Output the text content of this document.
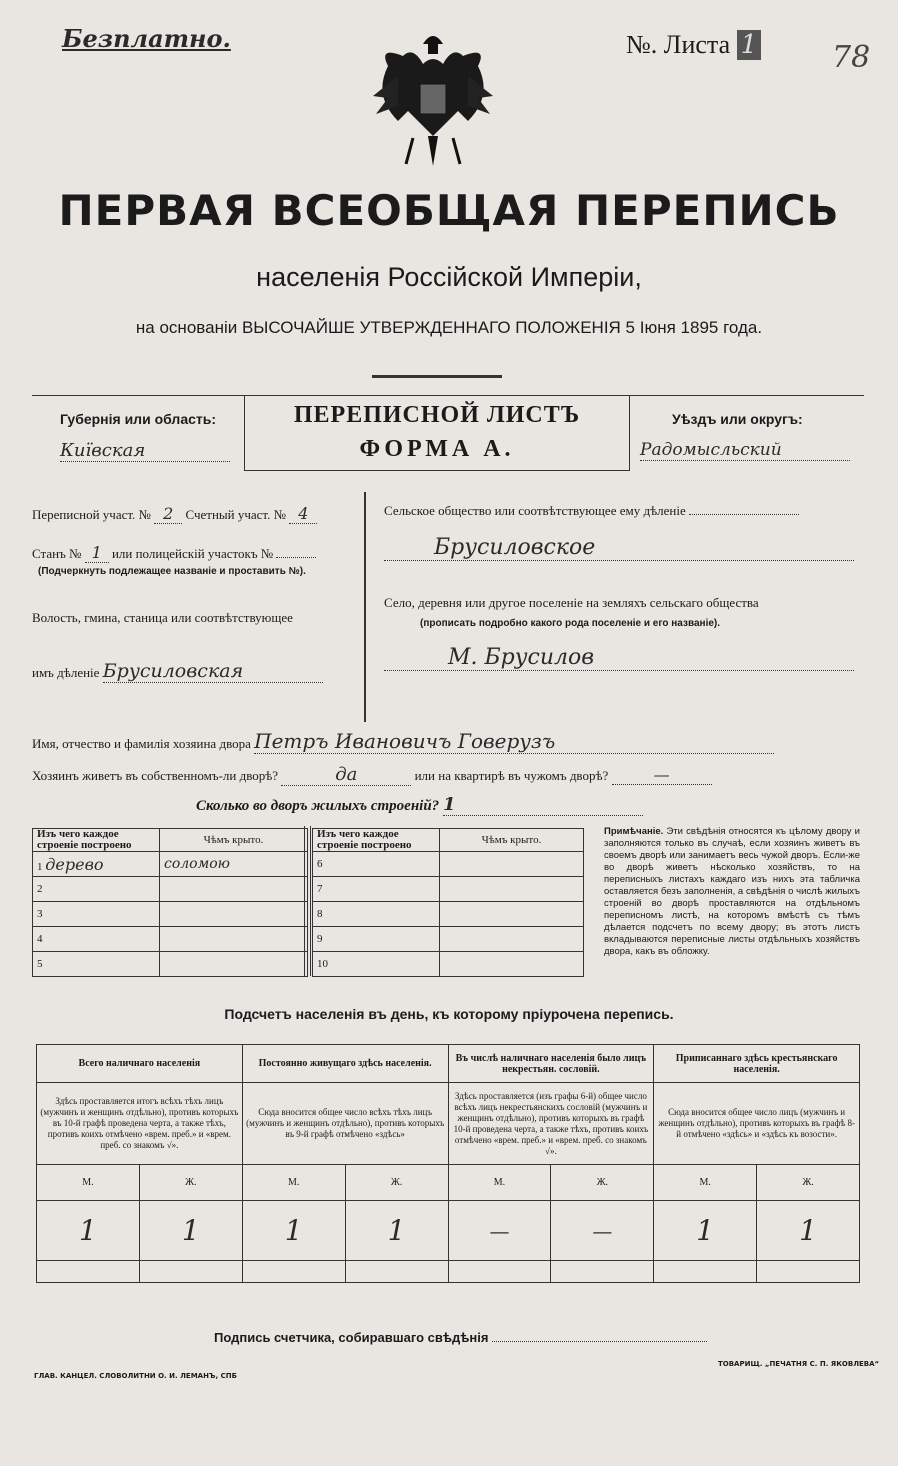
Безплатно.	№. Листа 1 78
ПЕРВАЯ ВСЕОБЩАЯ ПЕРЕПИСЬ
населенія Россійской Имперіи,
на основаніи ВЫСОЧАЙШЕ УТВЕРЖДЕННАГО ПОЛОЖЕНІЯ 5 Іюня 1895 года.
Губернія или область:
Київская
ПЕРЕПИСНОЙ ЛИСТЪ
ФОРМА А.
Уѣздъ или округъ:
Радомысльский
Переписной участ. № 2 Счетный участ. № 4
Станъ № 1 или полицейскій участокъ №
(Подчеркнуть подлежащее названіе и проставить №).
Волость, гмина, станица или соотвѣтствующее
имъ дѣленіе Брусиловская
Сельское общество или соотвѣтствующее ему дѣленіе
Брусиловское
Село, деревня или другое поселеніе на земляхъ сельскаго общества
(прописать подробно какого рода поселеніе и его названіе).
М. Брусилов
Имя, отчество и фамилія хозяина двора Петръ Ивановичъ Говерузъ
Хозяинъ живетъ въ собственномъ-ли дворѣ?	да	или на квартирѣ въ чужомъ дворѣ?	—
Сколько во дворъ жилыхъ строеній? 1
Изъ чего каждое строеніе построено	Чѣмъ крыто.
1 дерево	соломою
2	
3	
4	
5	
Изъ чего каждое строеніе построено	Чѣмъ крыто.
6	
7	
8	
9	
10	
Примѣчаніе. Эти свѣдѣнія относятся къ цѣлому двору и заполняются только въ случаѣ, если хозяинъ живетъ въ своемъ дворѣ или занимаетъ весь чужой дворъ. Если-же во дворѣ живетъ нѣсколько хозяйствъ, то на переписныхъ листахъ каждаго изъ нихъ эта табличка оставляется безъ заполненія, а свѣдѣнія о числѣ жилыхъ строеній во дворѣ проставляются на отдѣльномъ переписномъ листѣ, на которомъ вмѣстѣ съ тѣмъ дѣлается подсчетъ по всему двору; въ этотъ листъ вкладываются переписные листы отдѣльныхъ хозяйствъ двора, какъ въ обложку.
Подсчетъ населенія въ день, къ которому пріурочена перепись.
Всего наличнаго населенія		Постоянно живущаго здѣсь населенія.		Въ числѣ наличнаго населенія было лицъ некрестьян. сословій.		Приписаннаго здѣсь крестьянскаго населенія.	
Здѣсь проставляется итогъ всѣхъ тѣхъ лицъ (мужчинъ и женщинъ отдѣльно), противъ которыхъ въ 10-й графѣ проведена черта, а также тѣхъ, противъ коихъ отмѣчено «врем. преб.» и «врем. преб. со знакомъ √».		Сюда вносится общее число всѣхъ тѣхъ лицъ (мужчинъ и женщинъ отдѣльно), противъ которыхъ въ 9-й графѣ отмѣчено «здѣсь»		Здѣсь проставляется (изъ графы 6-й) общее число всѣхъ лицъ некрестьянскихъ сословій (мужчинъ и женщинъ отдѣльно), противъ которыхъ въ графѣ 10-й проведена черта, а также тѣхъ, противъ коихъ отмѣчено «врем. преб.» и «врем. преб. со знакомъ √».		Сюда вносится общее число лицъ (мужчинъ и женщинъ отдѣльно), противъ которыхъ въ графѣ 8-й отмѣчено «здѣсь» и «здѣсь къ возости».	
М.	Ж.	М.	Ж.	М.	Ж.	М.	Ж.
1	1	1	1	—	—	1	1

Подпись счетчика, собиравшаго свѣдѣнія
ГЛАВ. КАНЦЕЛ. СЛОВОЛИТНИ О. И. ЛЕМАНЪ, СПБ
ТОВАРИЩ. „ПЕЧАТНЯ С. П. ЯКОВЛЕВА“
